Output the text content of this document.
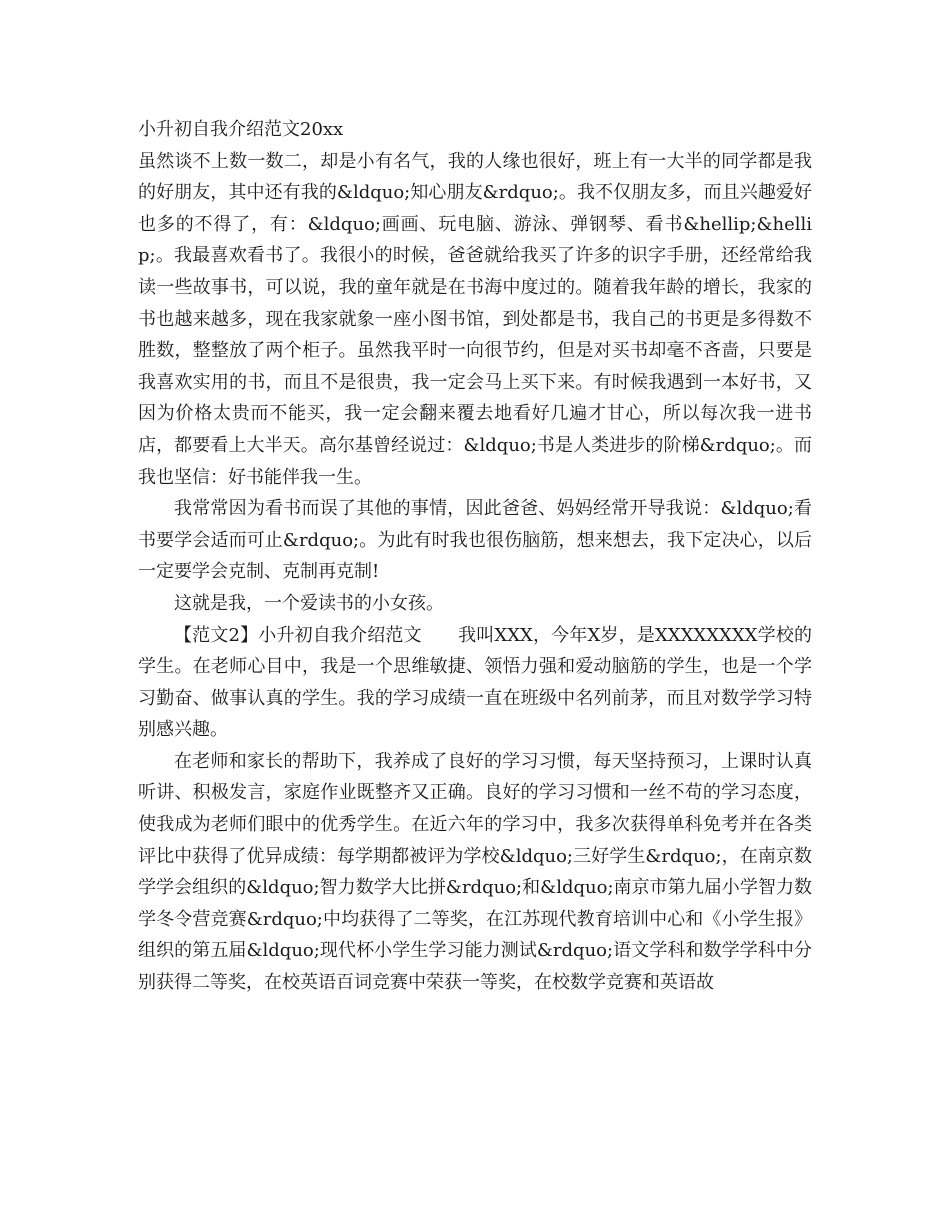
小升初自我介绍范文20xx

虽然谈不上数一数二，却是小有名气，我的人缘也很好，班上有一大半的同学都是我的好朋友，其中还有我的&ldquo;知心朋友&rdquo;。我不仅朋友多，而且兴趣爱好也多的不得了，有：&ldquo;画画、玩电脑、游泳、弹钢琴、看书&hellip;&hellip;。我最喜欢看书了。我很小的时候，爸爸就给我买了许多的识字手册，还经常给我读一些故事书，可以说，我的童年就是在书海中度过的。随着我年龄的增长，我家的书也越来越多，现在我家就象一座小图书馆，到处都是书，我自己的书更是多得数不胜数，整整放了两个柜子。虽然我平时一向很节约，但是对买书却毫不吝啬，只要是我喜欢实用的书，而且不是很贵，我一定会马上买下来。有时候我遇到一本好书，又因为价格太贵而不能买，我一定会翻来覆去地看好几遍才甘心，所以每次我一进书店，都要看上大半天。高尔基曾经说过：&ldquo;书是人类进步的阶梯&rdquo;。而我也坚信：好书能伴我一生。

我常常因为看书而误了其他的事情，因此爸爸、妈妈经常开导我说：&ldquo;看书要学会适而可止&rdquo;。为此有时我也很伤脑筋，想来想去，我下定决心，以后一定要学会克制、克制再克制!

这就是我，一个爱读书的小女孩。

【范文2】小升初自我介绍范文　　我叫XXX，今年X岁，是XXXXXXXX学校的学生。在老师心目中，我是一个思维敏捷、领悟力强和爱动脑筋的学生，也是一个学习勤奋、做事认真的学生。我的学习成绩一直在班级中名列前茅，而且对数学学习特别感兴趣。

在老师和家长的帮助下，我养成了良好的学习习惯，每天坚持预习，上课时认真听讲、积极发言，家庭作业既整齐又正确。良好的学习习惯和一丝不苟的学习态度，使我成为老师们眼中的优秀学生。在近六年的学习中，我多次获得单科免考并在各类评比中获得了优异成绩：每学期都被评为学校&ldquo;三好学生&rdquo;，在南京数学学会组织的&ldquo;智力数学大比拼&rdquo;和&ldquo;南京市第九届小学智力数学冬令营竞赛&rdquo;中均获得了二等奖，在江苏现代教育培训中心和《小学生报》组织的第五届&ldquo;现代杯小学生学习能力测试&rdquo;语文学科和数学学科中分别获得二等奖，在校英语百词竞赛中荣获一等奖，在校数学竞赛和英语故
